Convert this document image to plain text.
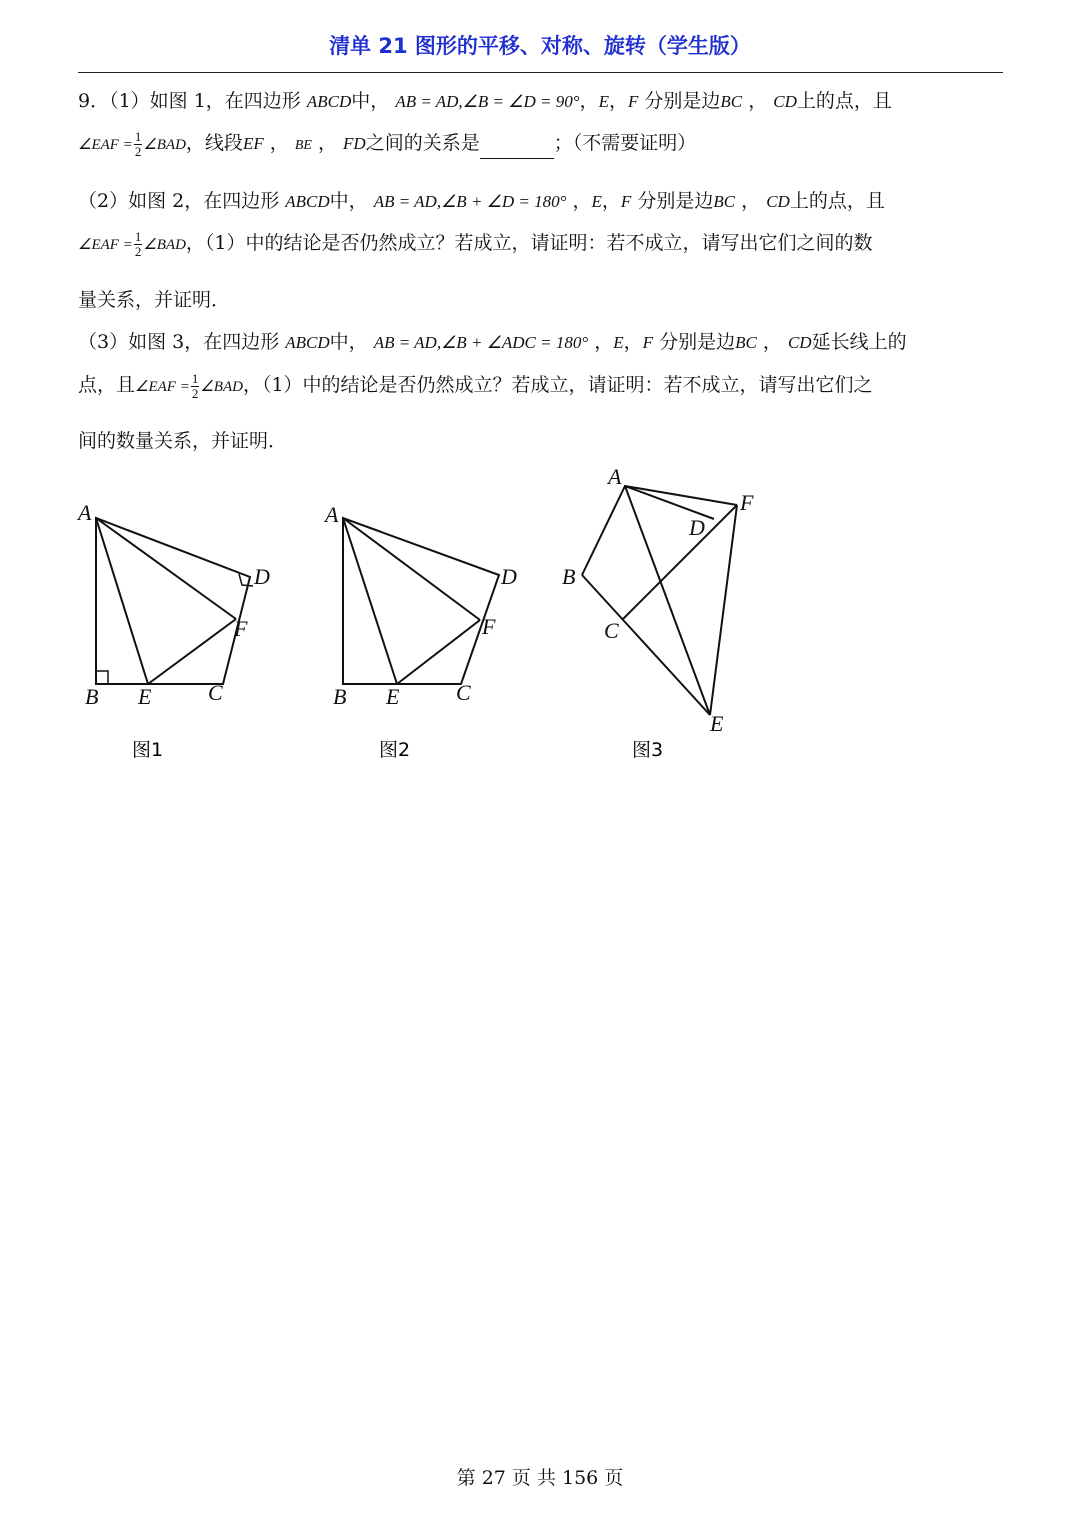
清单 21 图形的平移、对称、旋转（学生版）
9．（1）如图 1，在四边形 ABCD中， AB = AD,∠B = ∠D = 90°，E，F 分别是边BC ， CD上的点，且
∠EAF = $\frac{1}{2}$ ∠BAD，线段EF ， BE ， FD之间的关系是	；（不需要证明）
（2）如图 2，在四边形 ABCD中， AB = AD,∠B + ∠D = 180° ，E，F 分别是边BC ， CD上的点，且
∠EAF = $\frac{1}{2}$ ∠BAD，（1）中的结论是否仍然成立？若成立，请证明：若不成立，请写出它们之间的数
量关系，并证明．
（3）如图 3，在四边形 ABCD中， AB = AD,∠B + ∠ADC = 180° ，E，F 分别是边BC ， CD延长线上的
点，且∠EAF = $\frac{1}{2}$ ∠BAD，（1）中的结论是否仍然成立？若成立，请证明：若不成立，请写出它们之
间的数量关系，并证明．
A
D
F
B E	C
图1
A
D
F
B E	C
图2
A
F
D
B
C
E
图3
第 27 页 共 156 页
